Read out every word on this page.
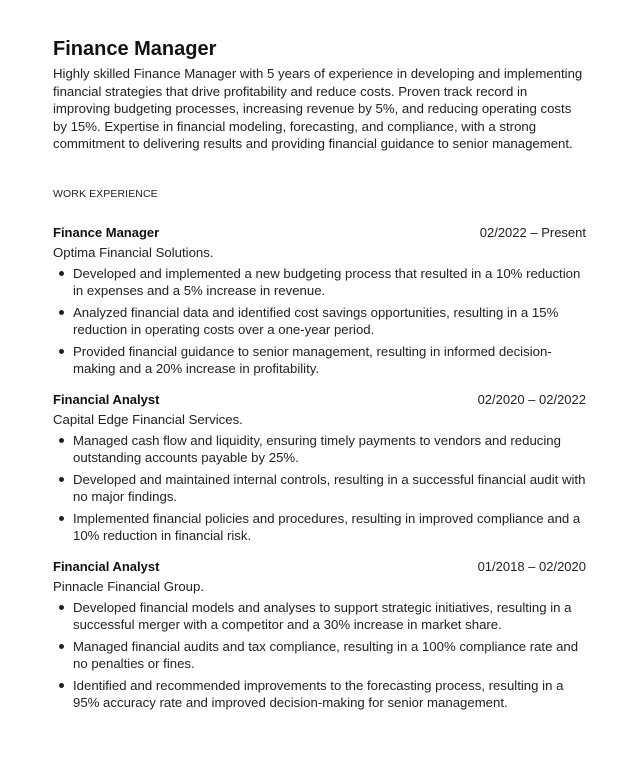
Finance Manager

Highly skilled Finance Manager with 5 years of experience in developing and implementing financial strategies that drive profitability and reduce costs. Proven track record in improving budgeting processes, increasing revenue by 5%, and reducing operating costs by 15%. Expertise in financial modeling, forecasting, and compliance, with a strong commitment to delivering results and providing financial guidance to senior management.

WORK EXPERIENCE
Finance Manager	02/2022 – Present
Optima Financial Solutions.
Developed and implemented a new budgeting process that resulted in a 10% reduction in expenses and a 5% increase in revenue.
Analyzed financial data and identified cost savings opportunities, resulting in a 15% reduction in operating costs over a one-year period.
Provided financial guidance to senior management, resulting in informed decision-making and a 20% increase in profitability.
Financial Analyst	02/2020 – 02/2022
Capital Edge Financial Services.
Managed cash flow and liquidity, ensuring timely payments to vendors and reducing outstanding accounts payable by 25%.
Developed and maintained internal controls, resulting in a successful financial audit with no major findings.
Implemented financial policies and procedures, resulting in improved compliance and a 10% reduction in financial risk.
Financial Analyst	01/2018 – 02/2020
Pinnacle Financial Group.
Developed financial models and analyses to support strategic initiatives, resulting in a successful merger with a competitor and a 30% increase in market share.
Managed financial audits and tax compliance, resulting in a 100% compliance rate and no penalties or fines.
Identified and recommended improvements to the forecasting process, resulting in a 95% accuracy rate and improved decision-making for senior management.
